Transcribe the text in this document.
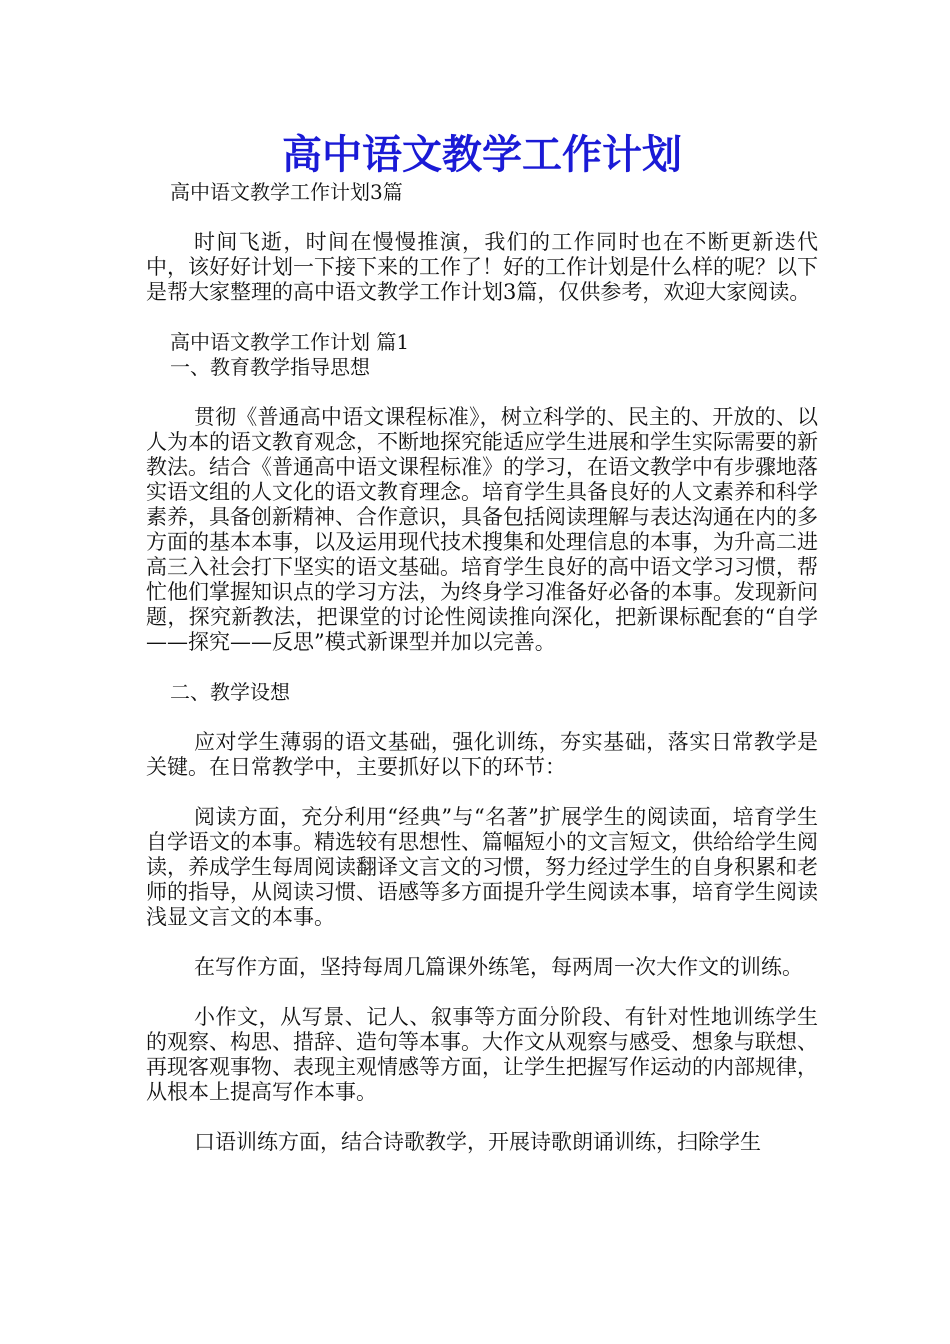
高中语文教学工作计划
高中语文教学工作计划3篇

时间飞逝，时间在慢慢推演，我们的工作同时也在不断更新迭代中，该好好计划一下接下来的工作了！好的工作计划是什么样的呢？以下是帮大家整理的高中语文教学工作计划3篇，仅供参考，欢迎大家阅读。

高中语文教学工作计划 篇1
一、教育教学指导思想

贯彻《普通高中语文课程标准》，树立科学的、民主的、开放的、以人为本的语文教育观念，不断地探究能适应学生进展和学生实际需要的新教法。结合《普通高中语文课程标准》的学习，在语文教学中有步骤地落实语文组的人文化的语文教育理念。培育学生具备良好的人文素养和科学素养，具备创新精神、合作意识，具备包括阅读理解与表达沟通在内的多方面的基本本事，以及运用现代技术搜集和处理信息的本事，为升高二进高三入社会打下坚实的语文基础。培育学生良好的高中语文学习习惯，帮忙他们掌握知识点的学习方法，为终身学习准备好必备的本事。发现新问题，探究新教法，把课堂的讨论性阅读推向深化，把新课标配套的“自学——探究——反思”模式新课型并加以完善。

二、教学设想

应对学生薄弱的语文基础，强化训练，夯实基础，落实日常教学是关键。在日常教学中，主要抓好以下的环节：

阅读方面，充分利用“经典”与“名著”扩展学生的阅读面，培育学生自学语文的本事。精选较有思想性、篇幅短小的文言短文，供给给学生阅读，养成学生每周阅读翻译文言文的习惯，努力经过学生的自身积累和老师的指导，从阅读习惯、语感等多方面提升学生阅读本事，培育学生阅读浅显文言文的本事。

在写作方面，坚持每周几篇课外练笔，每两周一次大作文的训练。

小作文，从写景、记人、叙事等方面分阶段、有针对性地训练学生的观察、构思、措辞、造句等本事。大作文从观察与感受、想象与联想、再现客观事物、表现主观情感等方面，让学生把握写作运动的内部规律，从根本上提高写作本事。

口语训练方面，结合诗歌教学，开展诗歌朗诵训练，扫除学生
